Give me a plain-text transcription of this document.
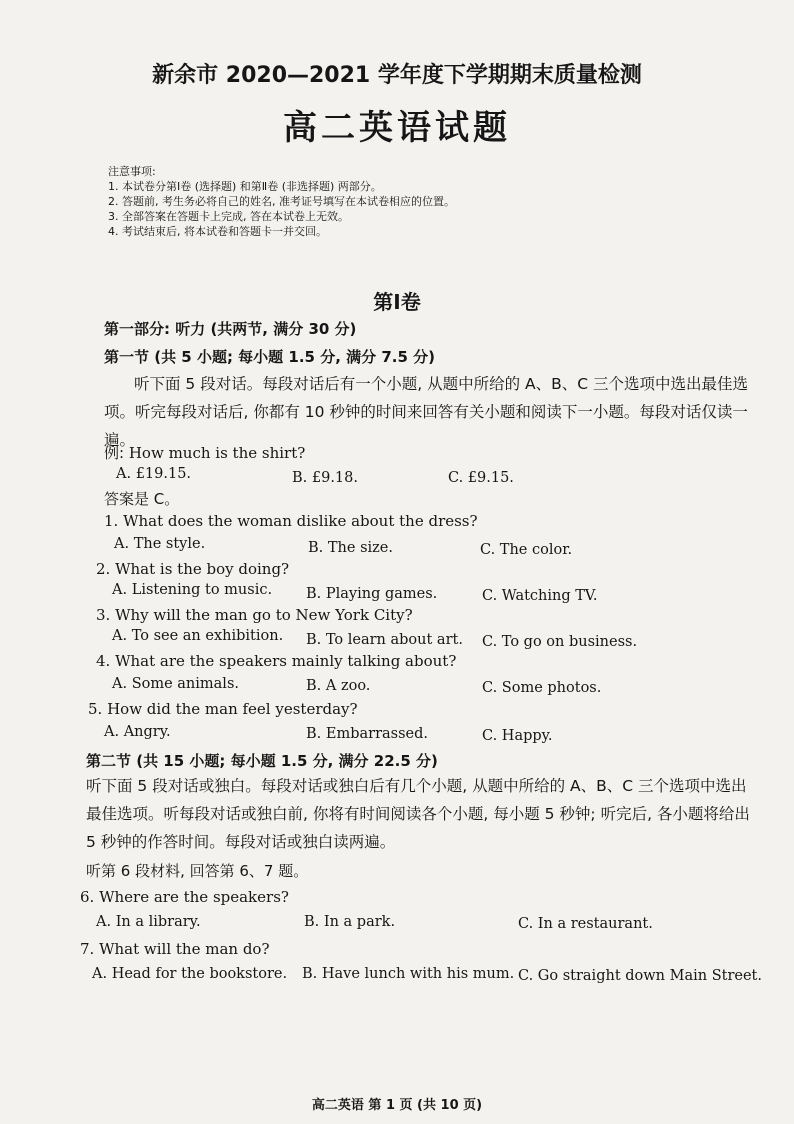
新余市 2020—2021 学年度下学期期末质量检测
高二英语试题
注意事项:
1. 本试卷分第Ⅰ卷 (选择题) 和第Ⅱ卷 (非选择题) 两部分。
2. 答题前, 考生务必将自己的姓名, 准考证号填写在本试卷相应的位置。
3. 全部答案在答题卡上完成, 答在本试卷上无效。
4. 考试结束后, 将本试卷和答题卡一并交回。
第Ⅰ卷
第一部分: 听力 (共两节, 满分 30 分)
第一节 (共 5 小题; 每小题 1.5 分, 满分 7.5 分)
听下面 5 段对话。每段对话后有一个小题, 从题中所给的 A、B、C 三个选项中选出最佳选项。听完每段对话后, 你都有 10 秒钟的时间来回答有关小题和阅读下一小题。每段对话仅读一遍。
例: How much is the shirt?
A. £19.15.	B. £9.18.	C. £9.15.
答案是 C。
1. What does the woman dislike about the dress?
A. The style.	B. The size.	C. The color.
2. What is the boy doing?
A. Listening to music. B. Playing games.	C. Watching TV.
3. Why will the man go to New York City?
A. To see an exhibition. B. To learn about art. C. To go on business.
4. What are the speakers mainly talking about?
A. Some animals.	B. A zoo.	C. Some photos.
5. How did the man feel yesterday?
A. Angry.	B. Embarrassed.	C. Happy.
第二节 (共 15 小题; 每小题 1.5 分, 满分 22.5 分)
听下面 5 段对话或独白。每段对话或独白后有几个小题, 从题中所给的 A、B、C 三个选项中选出最佳选项。听每段对话或独白前, 你将有时间阅读各个小题, 每小题 5 秒钟; 听完后, 各小题将给出 5 秒钟的作答时间。每段对话或独白读两遍。
听第 6 段材料, 回答第 6、7 题。
6. Where are the speakers?
A. In a library.	B. In a park.	C. In a restaurant.
7. What will the man do?
A. Head for the bookstore. B. Have lunch with his mum. C. Go straight down Main Street.
高二英语 第 1 页 (共 10 页)
